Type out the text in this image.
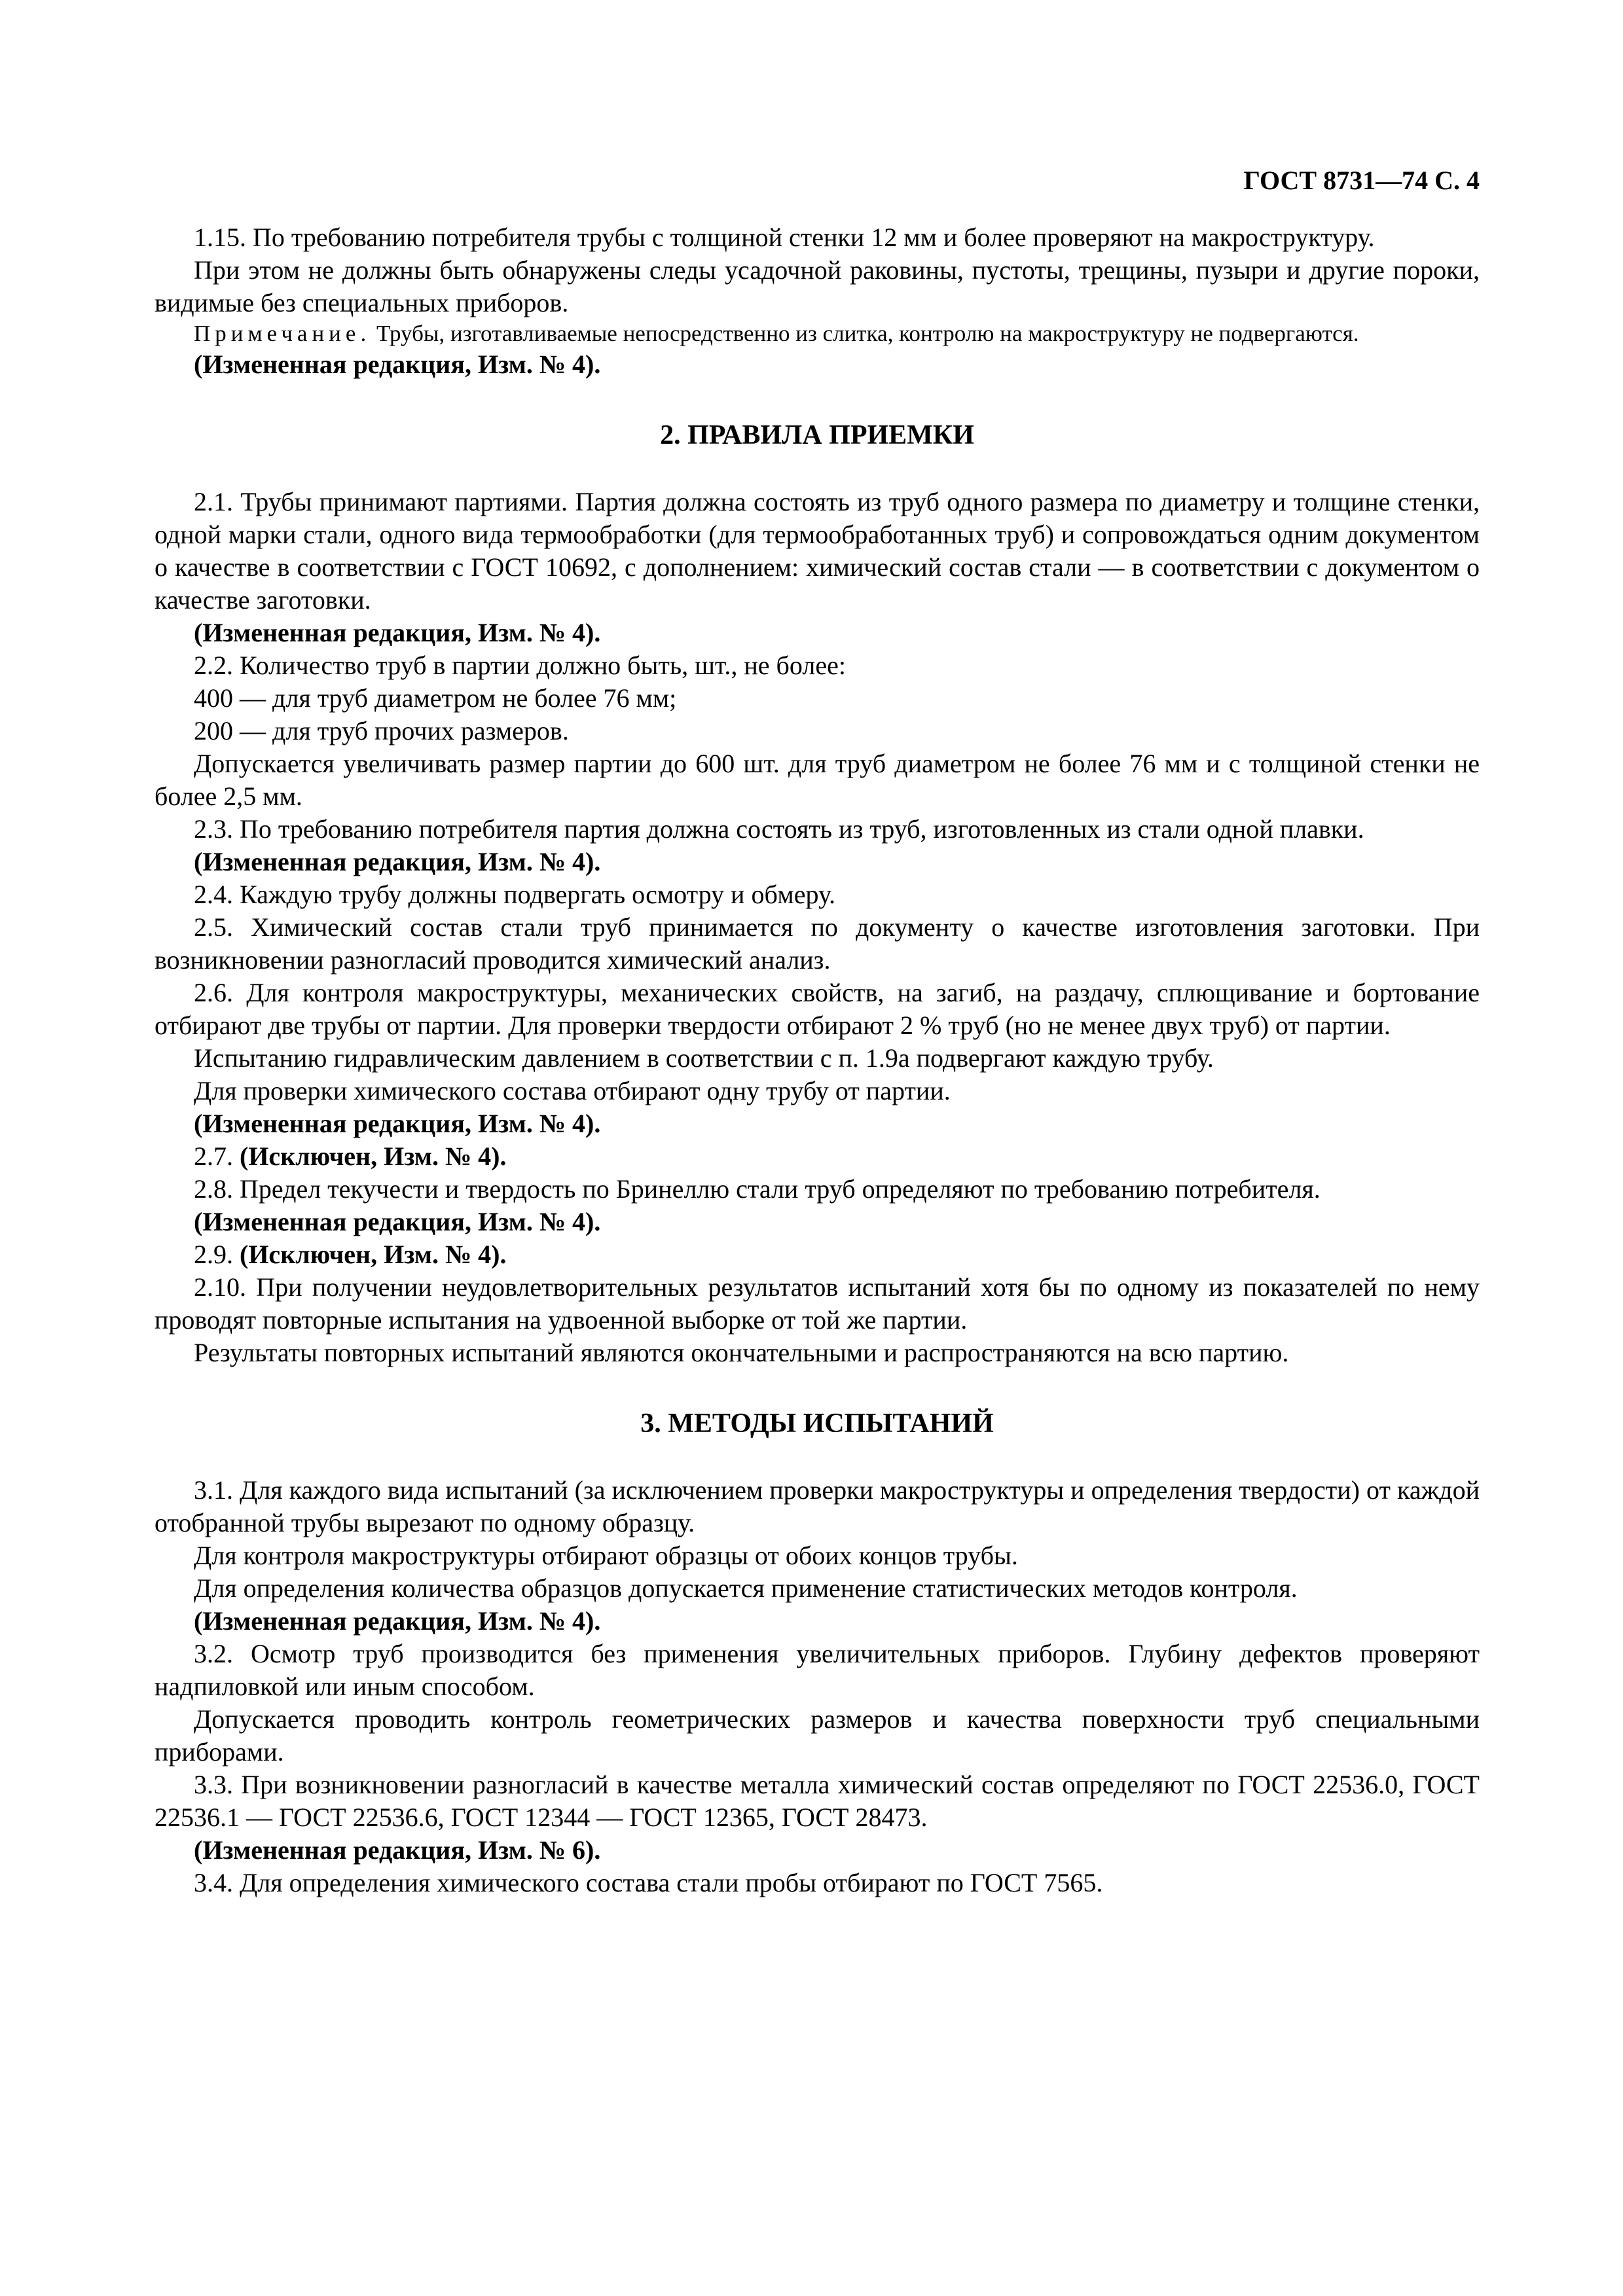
ГОСТ 8731—74 С. 4

1.15. По требованию потребителя трубы с толщиной стенки 12 мм и более проверяют на макроструктуру.

При этом не должны быть обнаружены следы усадочной раковины, пустоты, трещины, пузыри и другие пороки, видимые без специальных приборов.

Примечание. Трубы, изготавливаемые непосредственно из слитка, контролю на макроструктуру не подвергаются.

(Измененная редакция, Изм. № 4).

2. ПРАВИЛА ПРИЕМКИ

2.1. Трубы принимают партиями. Партия должна состоять из труб одного размера по диаметру и толщине стенки, одной марки стали, одного вида термообработки (для термообработанных труб) и сопровождаться одним документом о качестве в соответствии с ГОСТ 10692, с дополнением: химический состав стали — в соответствии с документом о качестве заготовки.

(Измененная редакция, Изм. № 4).

2.2. Количество труб в партии должно быть, шт., не более:

400 — для труб диаметром не более 76 мм;

200 — для труб прочих размеров.

Допускается увеличивать размер партии до 600 шт. для труб диаметром не более 76 мм и с толщиной стенки не более 2,5 мм.

2.3. По требованию потребителя партия должна состоять из труб, изготовленных из стали одной плавки.

(Измененная редакция, Изм. № 4).

2.4. Каждую трубу должны подвергать осмотру и обмеру.

2.5. Химический состав стали труб принимается по документу о качестве изготовления заготовки. При возникновении разногласий проводится химический анализ.

2.6. Для контроля макроструктуры, механических свойств, на загиб, на раздачу, сплющивание и бортование отбирают две трубы от партии. Для проверки твердости отбирают 2 % труб (но не менее двух труб) от партии.

Испытанию гидравлическим давлением в соответствии с п. 1.9а подвергают каждую трубу.

Для проверки химического состава отбирают одну трубу от партии.

(Измененная редакция, Изм. № 4).

2.7. (Исключен, Изм. № 4).

2.8. Предел текучести и твердость по Бринеллю стали труб определяют по требованию потребителя.

(Измененная редакция, Изм. № 4).

2.9. (Исключен, Изм. № 4).

2.10. При получении неудовлетворительных результатов испытаний хотя бы по одному из показателей по нему проводят повторные испытания на удвоенной выборке от той же партии.

Результаты повторных испытаний являются окончательными и распространяются на всю партию.

3. МЕТОДЫ ИСПЫТАНИЙ

3.1. Для каждого вида испытаний (за исключением проверки макроструктуры и определения твердости) от каждой отобранной трубы вырезают по одному образцу.

Для контроля макроструктуры отбирают образцы от обоих концов трубы.

Для определения количества образцов допускается применение статистических методов контроля.

(Измененная редакция, Изм. № 4).

3.2. Осмотр труб производится без применения увеличительных приборов. Глубину дефектов проверяют надпиловкой или иным способом.

Допускается проводить контроль геометрических размеров и качества поверхности труб специальными приборами.

3.3. При возникновении разногласий в качестве металла химический состав определяют по ГОСТ 22536.0, ГОСТ 22536.1 — ГОСТ 22536.6, ГОСТ 12344 — ГОСТ 12365, ГОСТ 28473.

(Измененная редакция, Изм. № 6).

3.4. Для определения химического состава стали пробы отбирают по ГОСТ 7565.
